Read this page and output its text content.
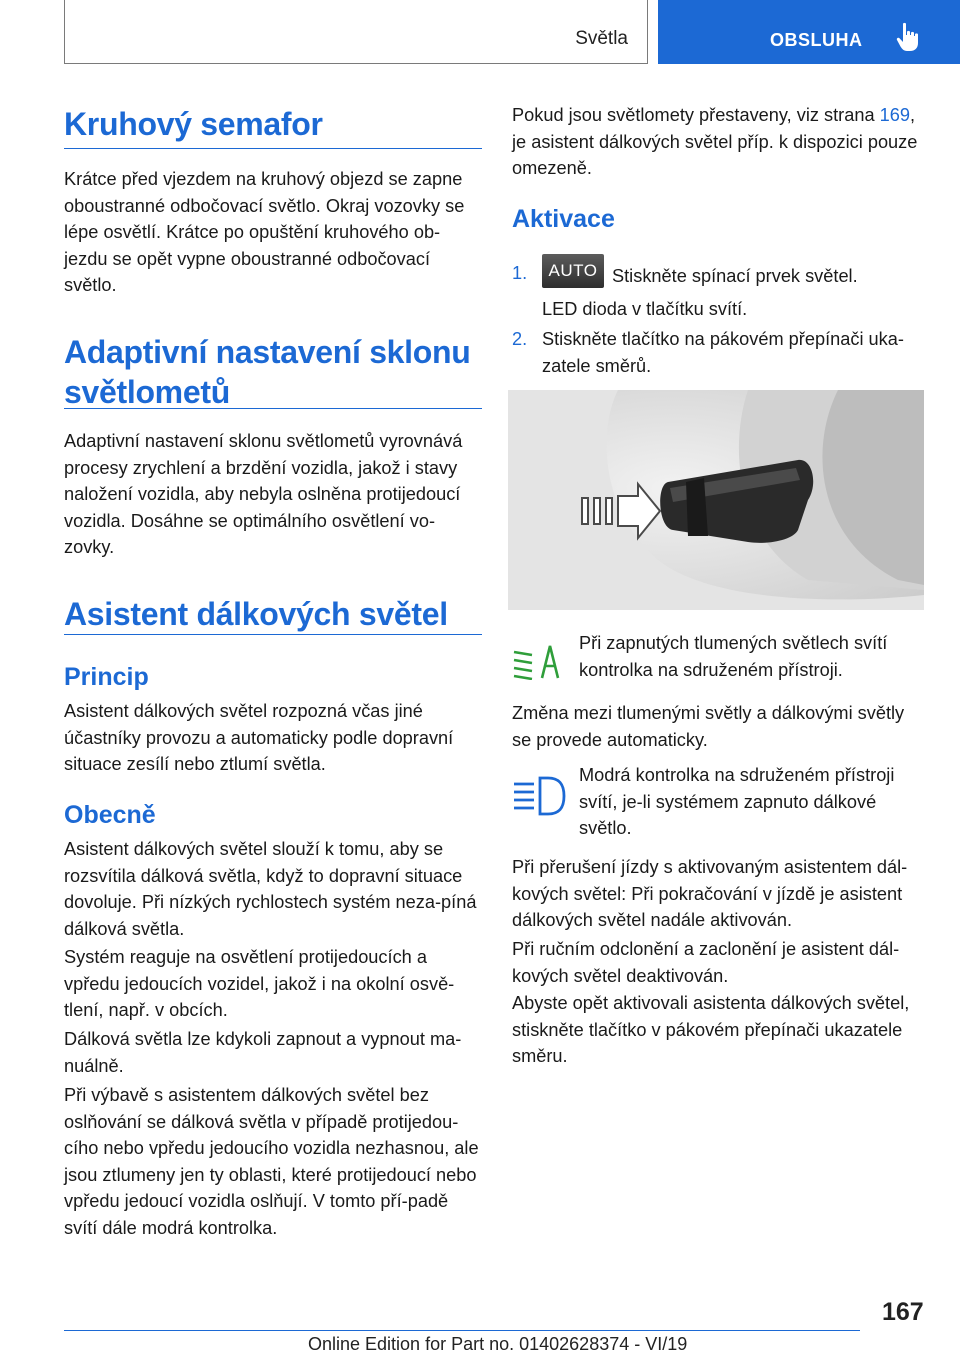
Světla	OBSLUHA
Kruhový semafor

Krátce před vjezdem na kruhový objezd se zapne oboustranné odbočovací světlo. Okraj vozovky se lépe osvětlí. Krátce po opuštění kruhového ob-jezdu se opět vypne oboustranné odbočovací světlo.

Adaptivní nastavení sklonu světlometů

Adaptivní nastavení sklonu světlometů vyrovnává procesy zrychlení a brzdění vozidla, jakož i stavy naložení vozidla, aby nebyla oslněna protijedoucí vozidla. Dosáhne se optimálního osvětlení vo-zovky.

Asistent dálkových světel
Princip

Asistent dálkových světel rozpozná včas jiné účastníky provozu a automaticky podle dopravní situace zesílí nebo ztlumí světla.

Obecně

Asistent dálkových světel slouží k tomu, aby se rozsvítila dálková světla, když to dopravní situace dovoluje. Při nízkých rychlostech systém neza-píná dálková světla.

Systém reaguje na osvětlení protijedoucích a vpředu jedoucích vozidel, jakož i na okolní osvě-tlení, např. v obcích.

Dálková světla lze kdykoli zapnout a vypnout ma-nuálně.

Při výbavě s asistentem dálkových světel bez oslňování se dálková světla v případě protijedou-cího nebo vpředu jedoucího vozidla nezhasnou, ale jsou ztlumeny jen ty oblasti, které protijedoucí nebo vpředu jedoucí vozidla oslňují. V tomto pří-padě svítí dále modrá kontrolka.

Pokud jsou světlomety přestaveny, viz strana 169, je asistent dálkových světel příp. k dispozici pouze omezeně.

Aktivace
1. AUTO Stiskněte spínací prvek světel.
LED dioda v tlačítku svítí.
2. Stiskněte tlačítko na pákovém přepínači uka-zatele směrů.

Při zapnutých tlumených světlech svítí kontrolka na sdruženém přístroji.

Změna mezi tlumenými světly a dálkovými světly se provede automaticky.

Modrá kontrolka na sdruženém přístroji svítí, je-li systémem zapnuto dálkové světlo.

Při přerušení jízdy s aktivovaným asistentem dál-kových světel: Při pokračování v jízdě je asistent dálkových světel nadále aktivován.

Při ručním odclonění a zaclonění je asistent dál-kových světel deaktivován.

Abyste opět aktivovali asistenta dálkových světel, stiskněte tlačítko v pákovém přepínači ukazatele směru.

167
Online Edition for Part no. 01402628374 - VI/19
